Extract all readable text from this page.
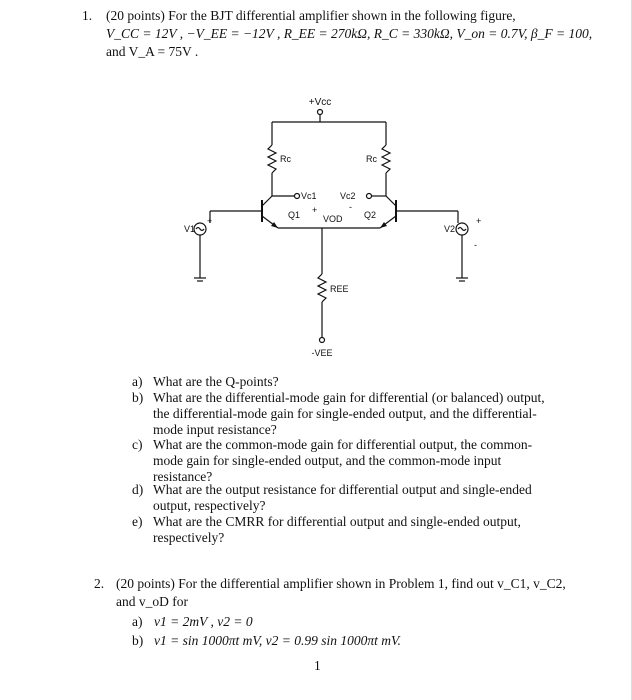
1. (20 points) For the BJT differential amplifier shown in the following figure,
V_CC = 12V , −V_EE = −12V , R_EE = 270kΩ, R_C = 330kΩ, V_on = 0.7V, β_F = 100,
and V_A = 75V .
+Vcc
Rc	Rc
Vc1	Vc2
+	-
VOD
Q1	Q2
V1	V2
+	+
-
REE
-VEE
a) What are the Q-points?
b) What are the differential-mode gain for differential (or balanced) output, the differential-mode gain for single-ended output, and the differential-mode input resistance?
c) What are the common-mode gain for differential output, the common-mode gain for single-ended output, and the common-mode input resistance?
d) What are the output resistance for differential output and single-ended output, respectively?
e) What are the CMRR for differential output and single-ended output, respectively?
2. (20 points) For the differential amplifier shown in Problem 1, find out v_C1, v_C2,
and v_oD for
a) v1 = 2mV , v2 = 0
b) v1 = sin 1000πt mV, v2 = 0.99 sin 1000πt mV.
1
